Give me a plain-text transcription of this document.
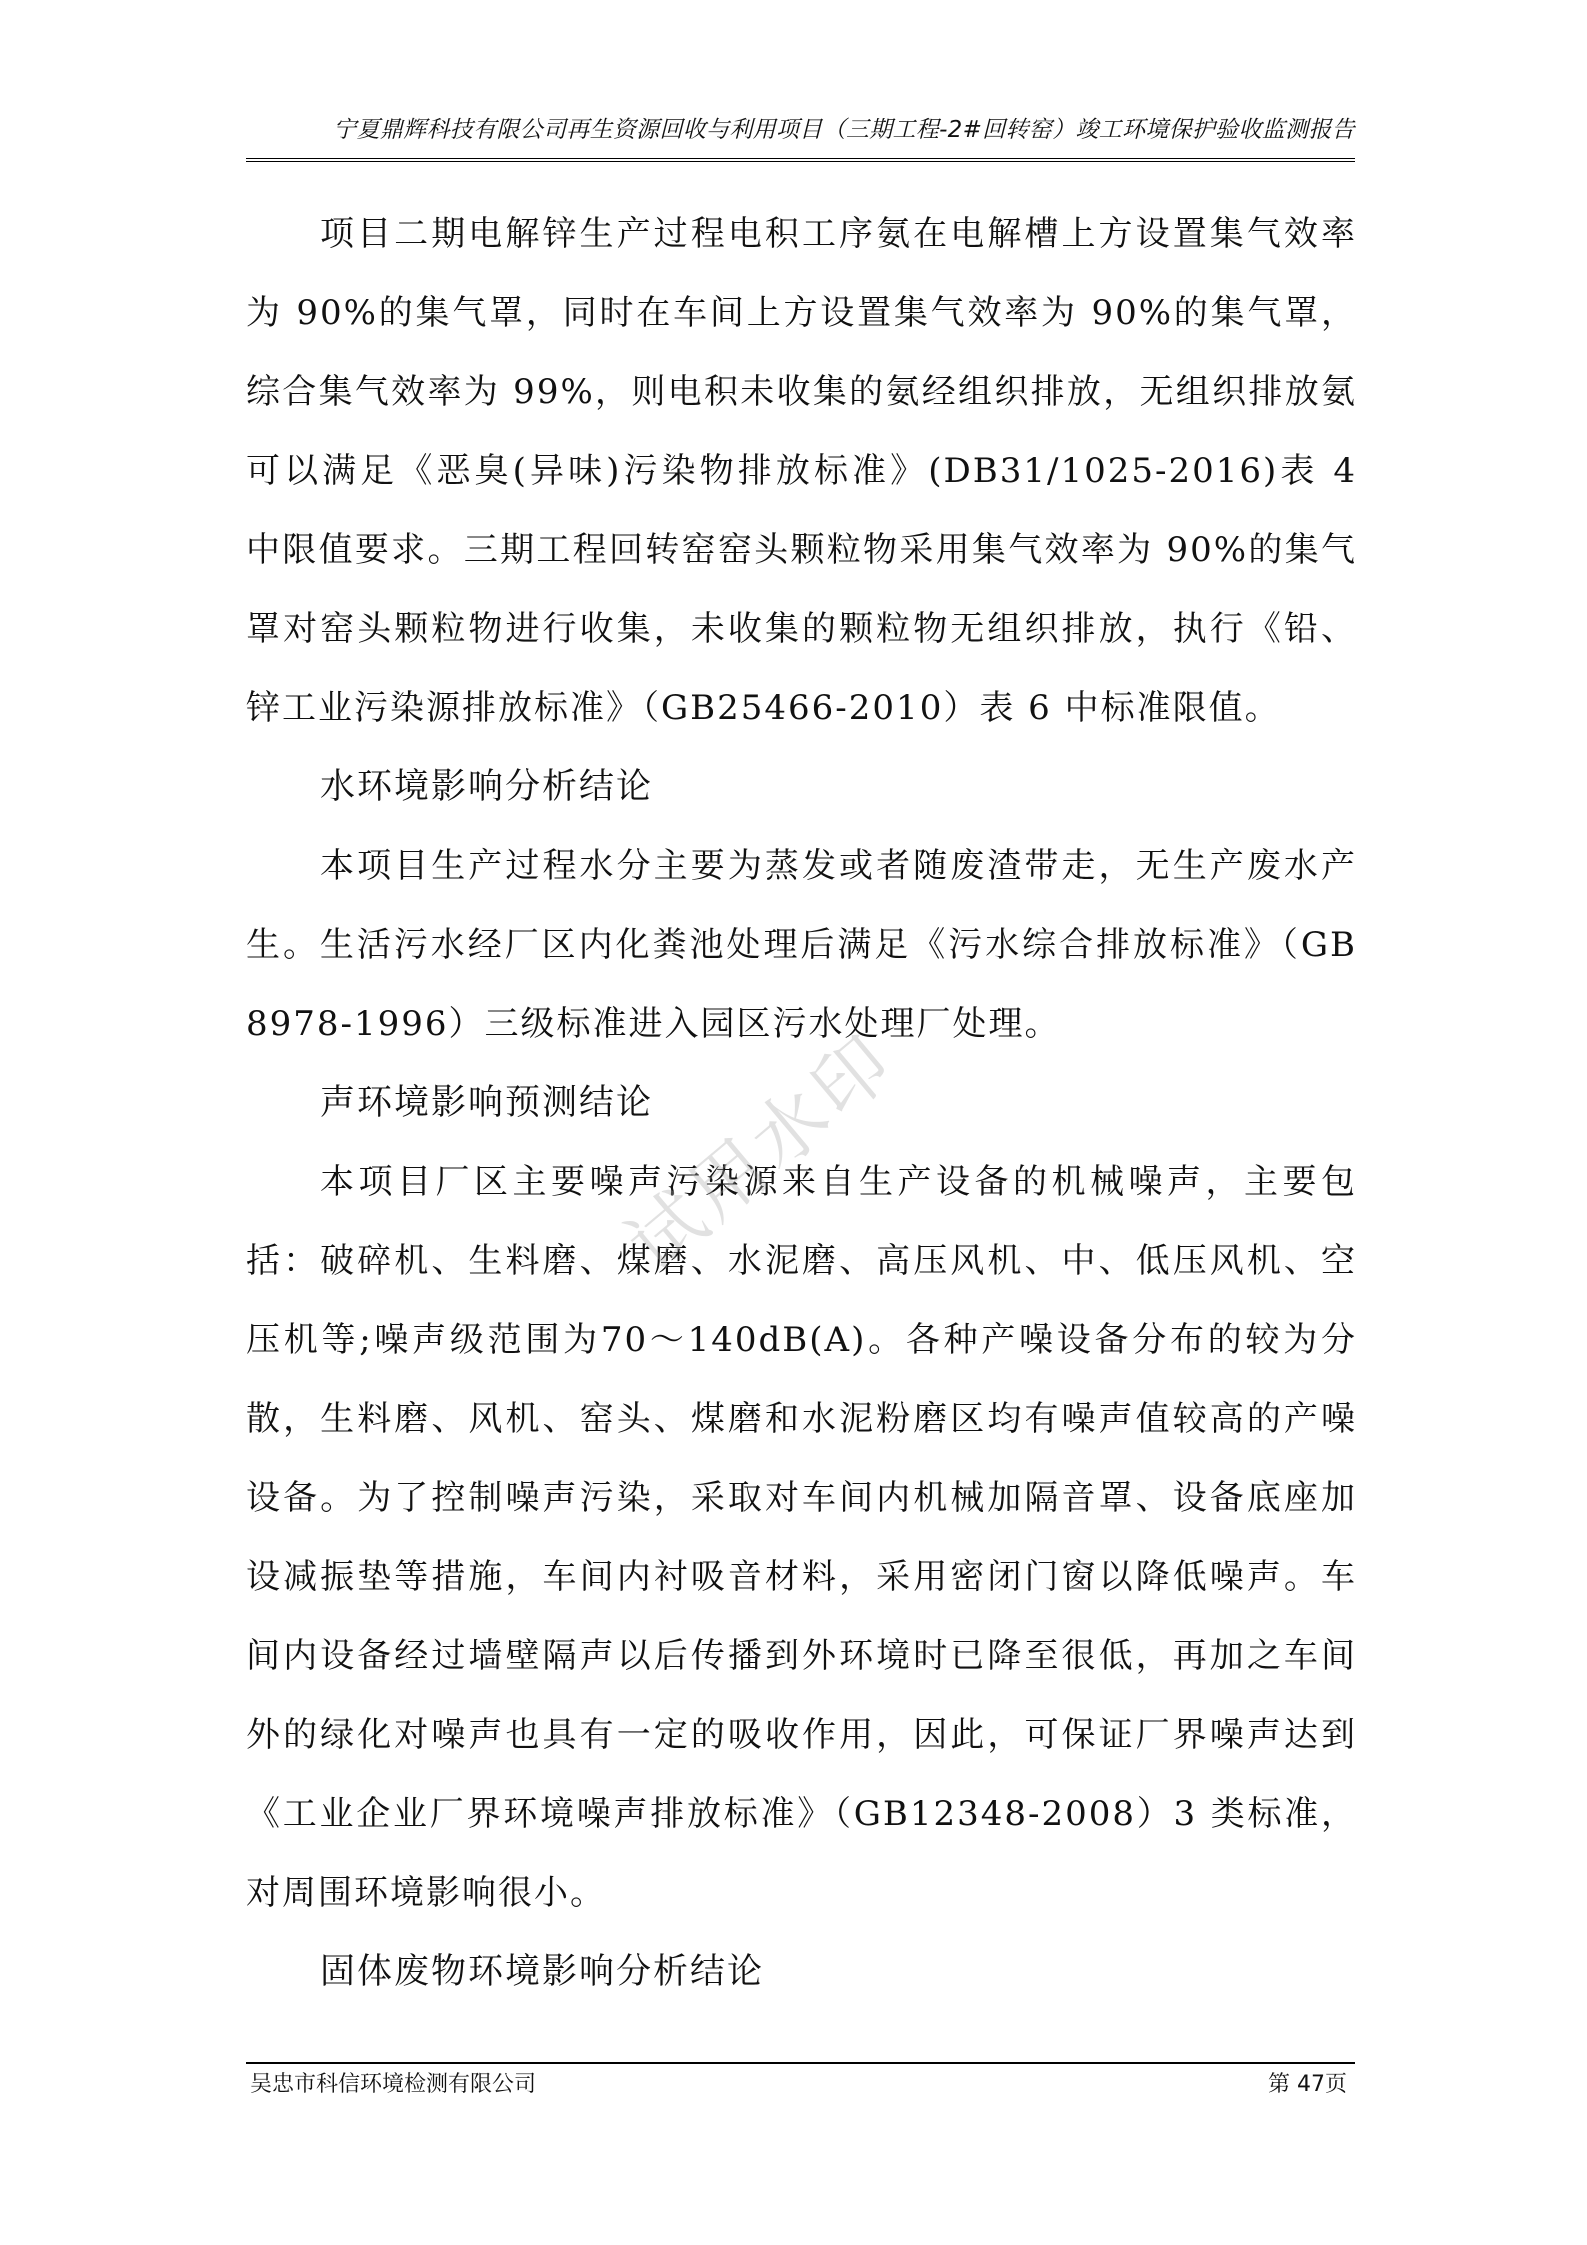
宁夏鼎辉科技有限公司再生资源回收与利用项目（三期工程-2#回转窑）竣工环境保护验收监测报告

项目二期电解锌生产过程电积工序氨在电解槽上方设置集气效率为 90%的集气罩，同时在车间上方设置集气效率为 90%的集气罩，综合集气效率为 99%，则电积未收集的氨经组织排放，无组织排放氨可以满足《恶臭(异味)污染物排放标准》(DB31/1025-2016)表 4 中限值要求。三期工程回转窑窑头颗粒物采用集气效率为 90%的集气罩对窑头颗粒物进行收集，未收集的颗粒物无组织排放，执行《铅、锌工业污染源排放标准》（GB25466-2010）表 6 中标准限值。

水环境影响分析结论

本项目生产过程水分主要为蒸发或者随废渣带走，无生产废水产生。生活污水经厂区内化粪池处理后满足《污水综合排放标准》（GB 8978-1996）三级标准进入园区污水处理厂处理。

声环境影响预测结论

本项目厂区主要噪声污染源来自生产设备的机械噪声，主要包括：破碎机、生料磨、煤磨、水泥磨、高压风机、中、低压风机、空压机等;噪声级范围为70～140dB(A)。各种产噪设备分布的较为分散，生料磨、风机、窑头、煤磨和水泥粉磨区均有噪声值较高的产噪设备。为了控制噪声污染，采取对车间内机械加隔音罩、设备底座加设减振垫等措施，车间内衬吸音材料，采用密闭门窗以降低噪声。车间内设备经过墙壁隔声以后传播到外环境时已降至很低，再加之车间外的绿化对噪声也具有一定的吸收作用，因此，可保证厂界噪声达到《工业企业厂界环境噪声排放标准》（GB12348-2008）3 类标准，对周围环境影响很小。

固体废物环境影响分析结论

试用水印
吴忠市科信环境检测有限公司	第 47页
